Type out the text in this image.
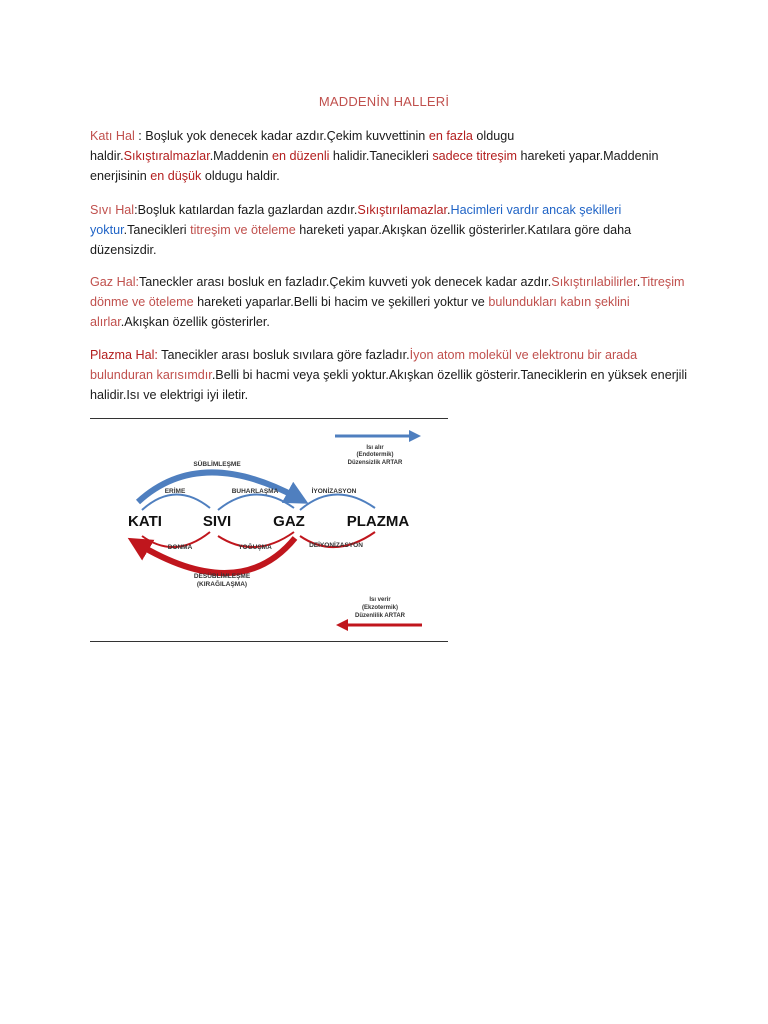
MADDENİN HALLERİ
Katı Hal : Boşluk yok denecek kadar azdır.Çekim kuvvettinin en fazla oldugu haldir.Sıkıştıralmazlar.Maddenin en düzenli halidir.Tanecikleri sadece titreşim hareketi yapar.Maddenin enerjisinin en düşük oldugu haldir.
Sıvı Hal:Boşluk katılardan fazla gazlardan azdır.Sıkıştırılamazlar.Hacimleri vardır ancak şekilleri yoktur.Tanecikleri titreşim ve öteleme hareketi yapar.Akışkan özellik gösterirler.Katılara göre daha düzensizdir.
Gaz Hal:Taneckler arası bosluk en fazladır.Çekim kuvveti yok denecek kadar azdır.Sıkıştırılabilirler.Titreşim dönme ve öteleme hareketi yaparlar.Belli bi hacim ve şekilleri yoktur ve bulundukları kabın şeklini alırlar.Akışkan özellik gösterirler.
Plazma Hal: Tanecikler arası bosluk sıvılara göre fazladır.İyon atom molekül ve elektronu bir arada bulunduran karısımdır.Belli bi hacmi veya şekli yoktur.Akışkan özellik gösterir.Taneciklerin en yüksek enerjili halidir.Isı ve elektrigi iyi iletir.
Isı alır
(Endotermik)
Düzensizlik ARTAR
SÜBLİMLEŞME
ERİME	BUHARLAŞMA	İYONİZASYON
KATI	SIVI	GAZ	PLAZMA
DONMA	YOĞUŞMA	DEİYONİZASYON
DESÜBLİMLEŞME
(KIRAĞILAŞMA)
Isı verir
(Ekzotermik)
Düzenlilik ARTAR
